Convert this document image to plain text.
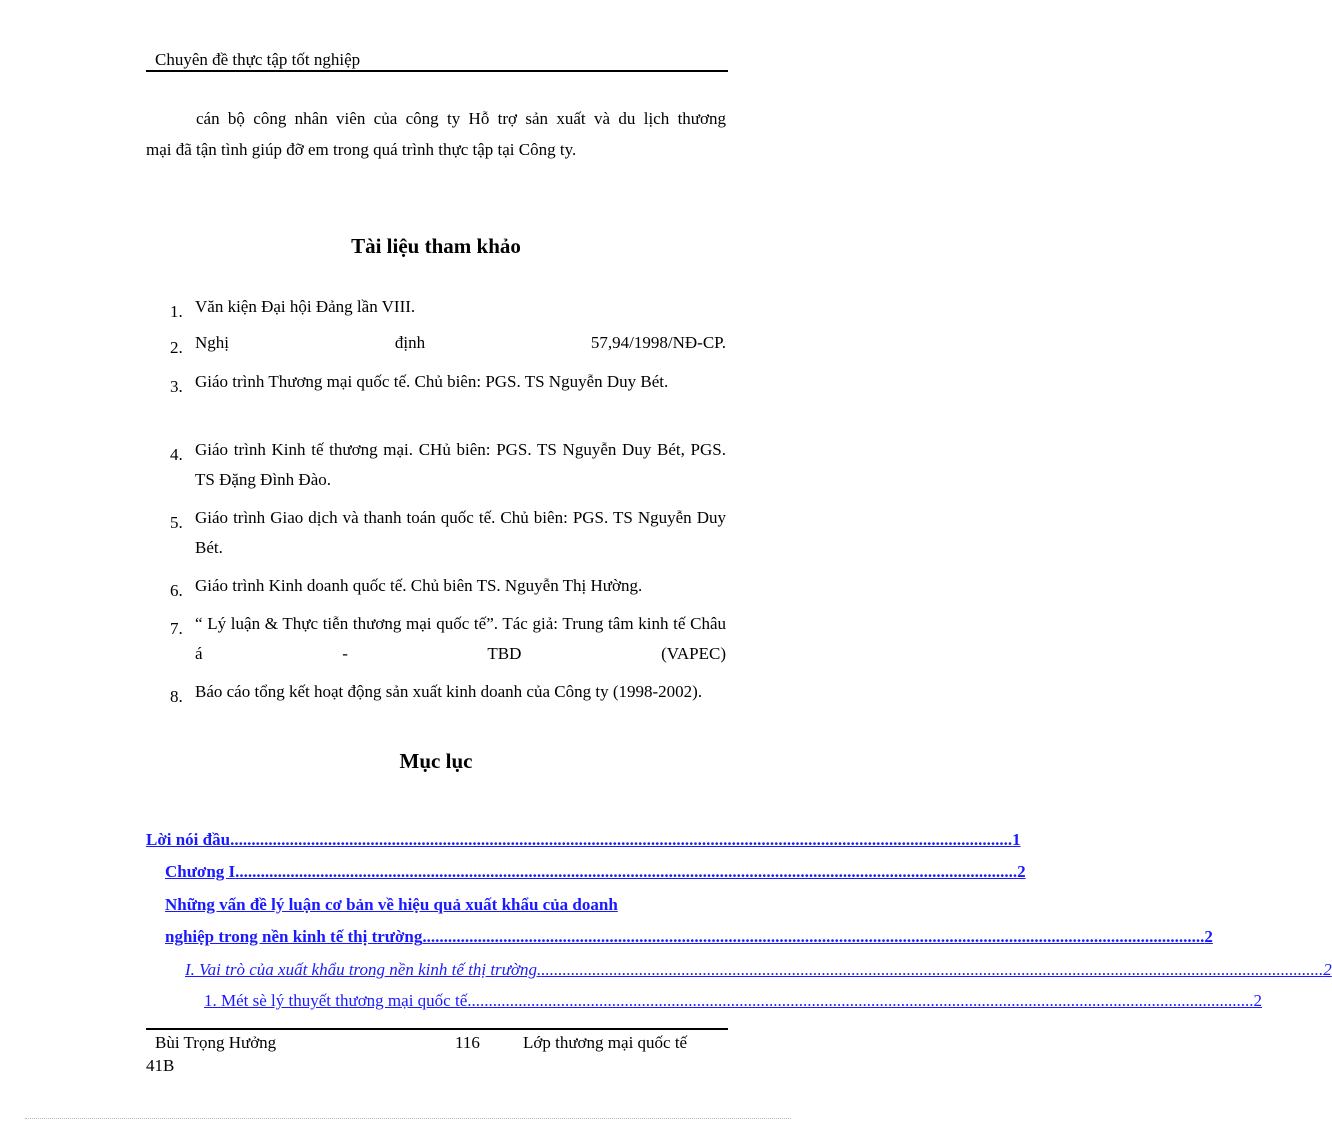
Chuyên đề thực tập tốt nghiệp
cán bộ công nhân viên của công ty Hỗ trợ sản xuất và du lịch thương
mại đã tận tình giúp đỡ em trong quá trình thực tập tại Công ty.
Tài liệu tham khảo
1. Văn kiện Đại hội Đảng lần VIII.
2. Nghị định 57,94/1998/NĐ-CP.
3. Giáo trình Thương mại quốc tế. Chủ biên: PGS. TS Nguyễn Duy Bét.
4. Giáo trình Kinh tế thương mại. CHủ biên: PGS. TS Nguyễn Duy Bét, PGS. TS Đặng Đình Đào.
5. Giáo trình Giao dịch và thanh toán quốc tế. Chủ biên: PGS. TS Nguyễn Duy Bét.
6. Giáo trình Kinh doanh quốc tế. Chủ biên TS. Nguyễn Thị Hường.
7. “ Lý luận & Thực tiễn thương mại quốc tế”. Tác giả: Trung tâm kinh tế Châu á - TBD (VAPEC)
8. Báo cáo tổng kết hoạt động sản xuất kinh doanh của Công ty (1998-2002).
Mục lục
Lời nói đầu ........................................................................................................................................................................................ 1
Chương I ........................................................................................................................................................................................ 2
Những vấn đề lý luận cơ bản về hiệu quả xuất khẩu của doanh
nghiệp trong nền kinh tế thị trường ........................................................................................................................................................................................ 2
I. Vai trò của xuất khẩu trong nền kinh tế thị trường. ........................................................................................................................................................................................ 2
1. Mét sè lý thuyết thương mại quốc tế. ........................................................................................................................................................................................ 2
Bùi Trọng Hưởng	116	Lớp thương mại quốc tế
41B
